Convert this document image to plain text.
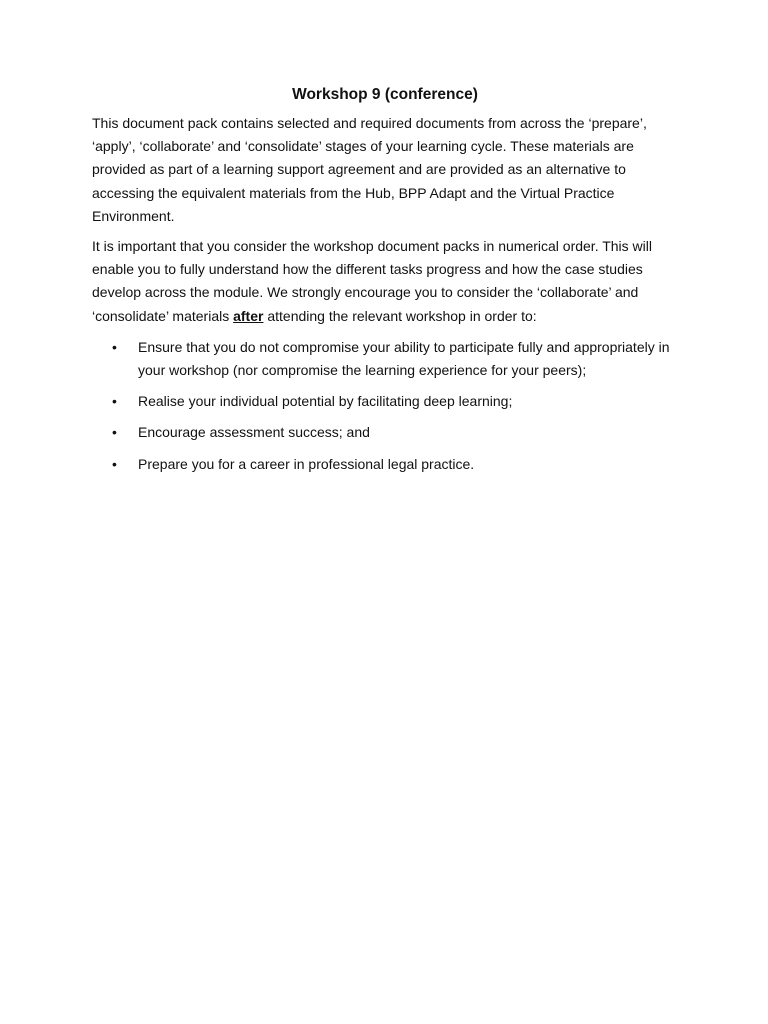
Workshop 9 (conference)

This document pack contains selected and required documents from across the ‘prepare’, ‘apply’, ‘collaborate’ and ‘consolidate’ stages of your learning cycle. These materials are provided as part of a learning support agreement and are provided as an alternative to accessing the equivalent materials from the Hub, BPP Adapt and the Virtual Practice Environment.

It is important that you consider the workshop document packs in numerical order. This will enable you to fully understand how the different tasks progress and how the case studies develop across the module. We strongly encourage you to consider the ‘collaborate’ and ‘consolidate’ materials after attending the relevant workshop in order to:

• Ensure that you do not compromise your ability to participate fully and appropriately in your workshop (nor compromise the learning experience for your peers);
• Realise your individual potential by facilitating deep learning;
• Encourage assessment success; and
• Prepare you for a career in professional legal practice.
